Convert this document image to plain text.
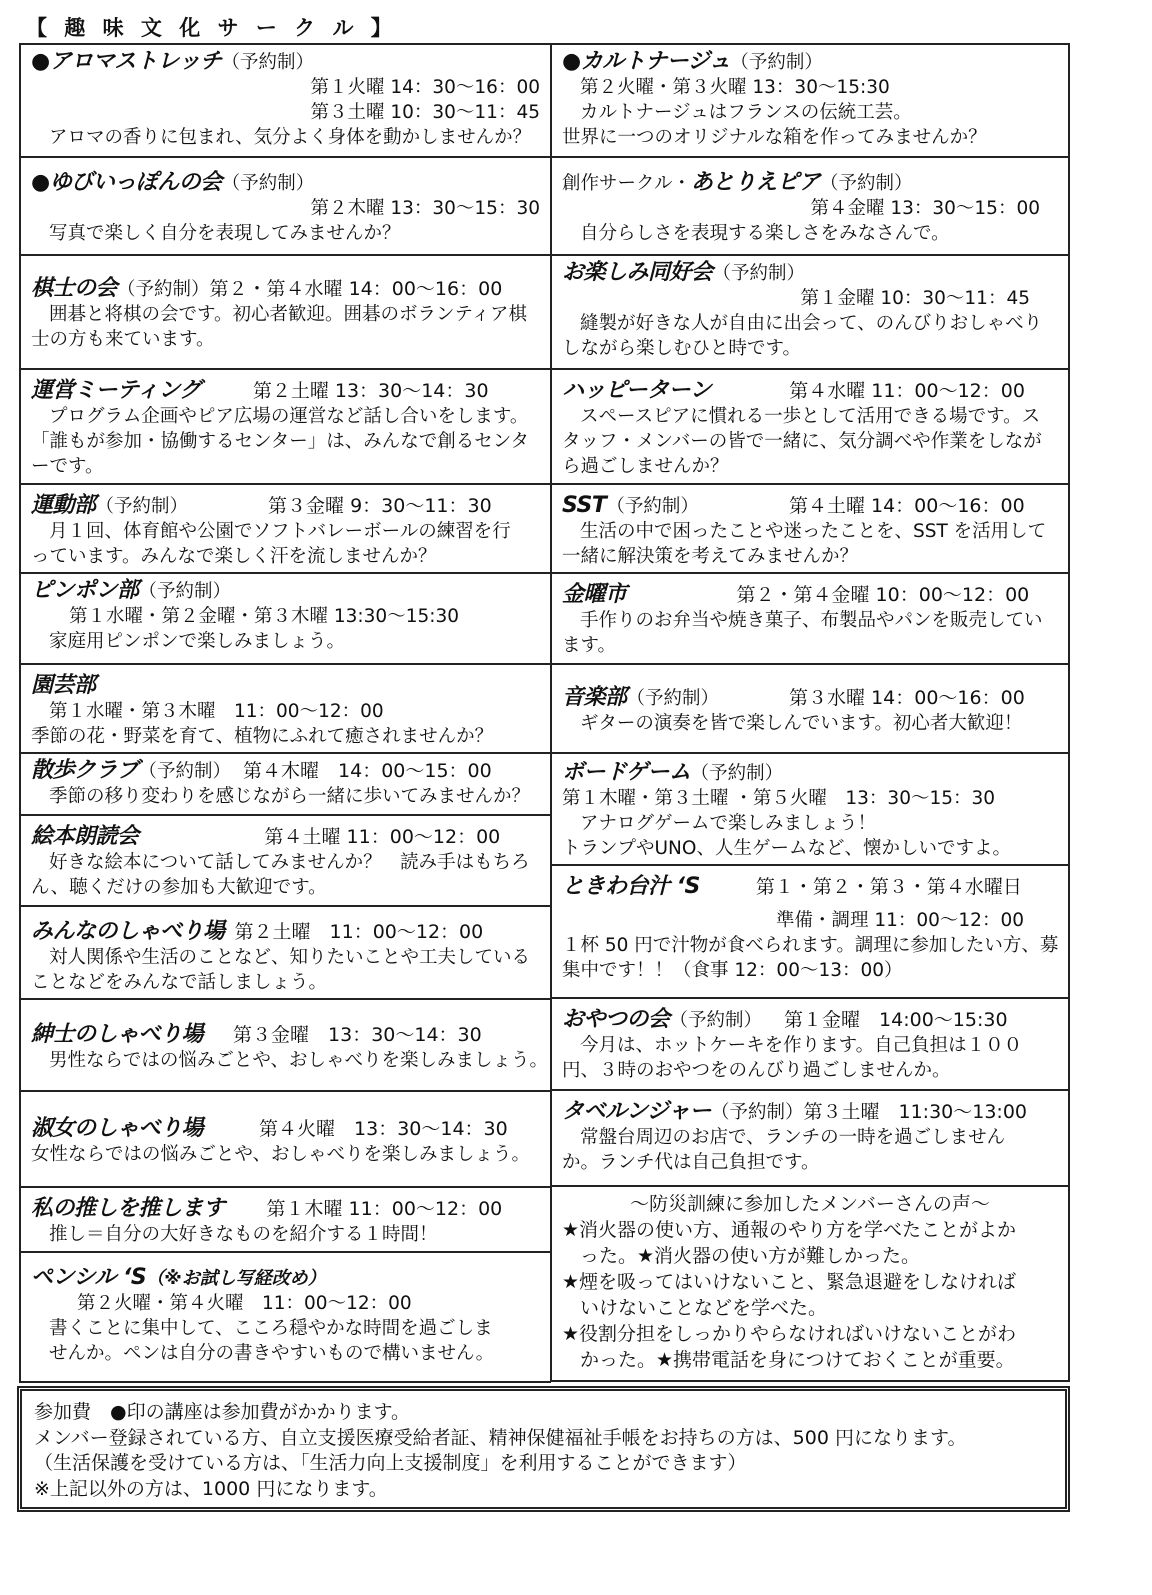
【 趣 味 文 化 サ ー ク ル 】
●アロマストレッチ（予約制）
第１火曜 14：30～16：00
第３土曜 10：30～11：45
アロマの香りに包まれ、気分よく身体を動かしませんか？
●ゆびいっぽんの会（予約制）
第２木曜 13：30～15：30
写真で楽しく自分を表現してみませんか？
棋士の会（予約制）第２・第４水曜 14：00～16：00
囲碁と将棋の会です。初心者歓迎。囲碁のボランティア棋
士の方も来ています。
運営ミーティング	第２土曜 13：30～14：30
プログラム企画やピア広場の運営など話し合いをします。
「誰もが参加・協働するセンター」は、みんなで創るセンタ
ーです。
運動部（予約制）	第３金曜 9：30～11：30
月１回、体育館や公園でソフトバレーボールの練習を行
っています。みんなで楽しく汗を流しませんか？
ピンポン部（予約制）
第１水曜・第２金曜・第３木曜 13:30～15:30
家庭用ピンポンで楽しみましょう。
園芸部
第１水曜・第３木曜　11：00～12：00
季節の花・野菜を育て、植物にふれて癒されませんか？
散歩クラブ（予約制） 第４木曜　14：00～15：00
季節の移り変わりを感じながら一緒に歩いてみませんか？
絵本朗読会	第４土曜 11：00～12：00
好きな絵本について話してみませんか？　読み手はもちろ
ん、聴くだけの参加も大歓迎です。
みんなのしゃべり場 第２土曜　11：00～12：00
対人関係や生活のことなど、知りたいことや工夫している
ことなどをみんなで話しましょう。
紳士のしゃべり場 第３金曜　13：30～14：30
男性ならではの悩みごとや、おしゃべりを楽しみましょう。
淑女のしゃべり場	第４火曜　13：30～14：30
女性ならではの悩みごとや、おしゃべりを楽しみましょう。
私の推しを推します 第１木曜 11：00～12：00
推し＝自分の大好きなものを紹介する１時間！
ペンシル ‘S（※お試し写経改め）
第２火曜・第４火曜　11：00～12：00
書くことに集中して、こころ穏やかな時間を過ごしま
せんか。ペンは自分の書きやすいもので構いません。
●カルトナージュ（予約制）
第２火曜・第３火曜 13：30～15:30
カルトナージュはフランスの伝統工芸。
世界に一つのオリジナルな箱を作ってみませんか？
創作サークル・あとりえピア（予約制）
第４金曜 13：30～15：00
自分らしさを表現する楽しさをみなさんで。
お楽しみ同好会（予約制）
第１金曜 10：30～11：45
縫製が好きな人が自由に出会って、のんびりおしゃべり
しながら楽しむひと時です。
ハッピーターン	第４水曜 11：00～12：00
スペースピアに慣れる一歩として活用できる場です。ス
タッフ・メンバーの皆で一緒に、気分調べや作業をしなが
ら過ごしませんか？
SST（予約制）	第４土曜 14：00～16：00
生活の中で困ったことや迷ったことを、SST を活用して
一緒に解決策を考えてみませんか？
金曜市	第２・第４金曜 10：00～12：00
手作りのお弁当や焼き菓子、布製品やパンを販売してい
ます。
音楽部（予約制）	第３水曜 14：00～16：00
ギターの演奏を皆で楽しんでいます。初心者大歓迎！
ボードゲーム（予約制）
第１木曜・第３土曜 ・第５火曜　13：30～15：30
アナログゲームで楽しみましょう！
トランプやUNO、人生ゲームなど、懐かしいですよ。
ときわ台汁 ‘S	第１・第２・第３・第４水曜日
準備・調理 11：00～12：00
１杯 50 円で汁物が食べられます。調理に参加したい方、募
集中です！！（食事 12：00～13：00）
おやつの会（予約制） 第１金曜　14:00～15:30
今月は、ホットケーキを作ります。自己負担は１００
円、３時のおやつをのんびり過ごしませんか。
タベルンジャー（予約制）第３土曜　11:30～13:00
常盤台周辺のお店で、ランチの一時を過ごしません
か。ランチ代は自己負担です。
～防災訓練に参加したメンバーさんの声～
★消火器の使い方、通報のやり方を学べたことがよか
った。★消火器の使い方が難しかった。
★煙を吸ってはいけないこと、緊急退避をしなければ
いけないことなどを学べた。
★役割分担をしっかりやらなければいけないことがわ
かった。★携帯電話を身につけておくことが重要。
参加費　●印の講座は参加費がかかります。
メンバー登録されている方、自立支援医療受給者証、精神保健福祉手帳をお持ちの方は、500 円になります。
（生活保護を受けている方は、「生活力向上支援制度」を利用することができます）
※上記以外の方は、1000 円になります。
